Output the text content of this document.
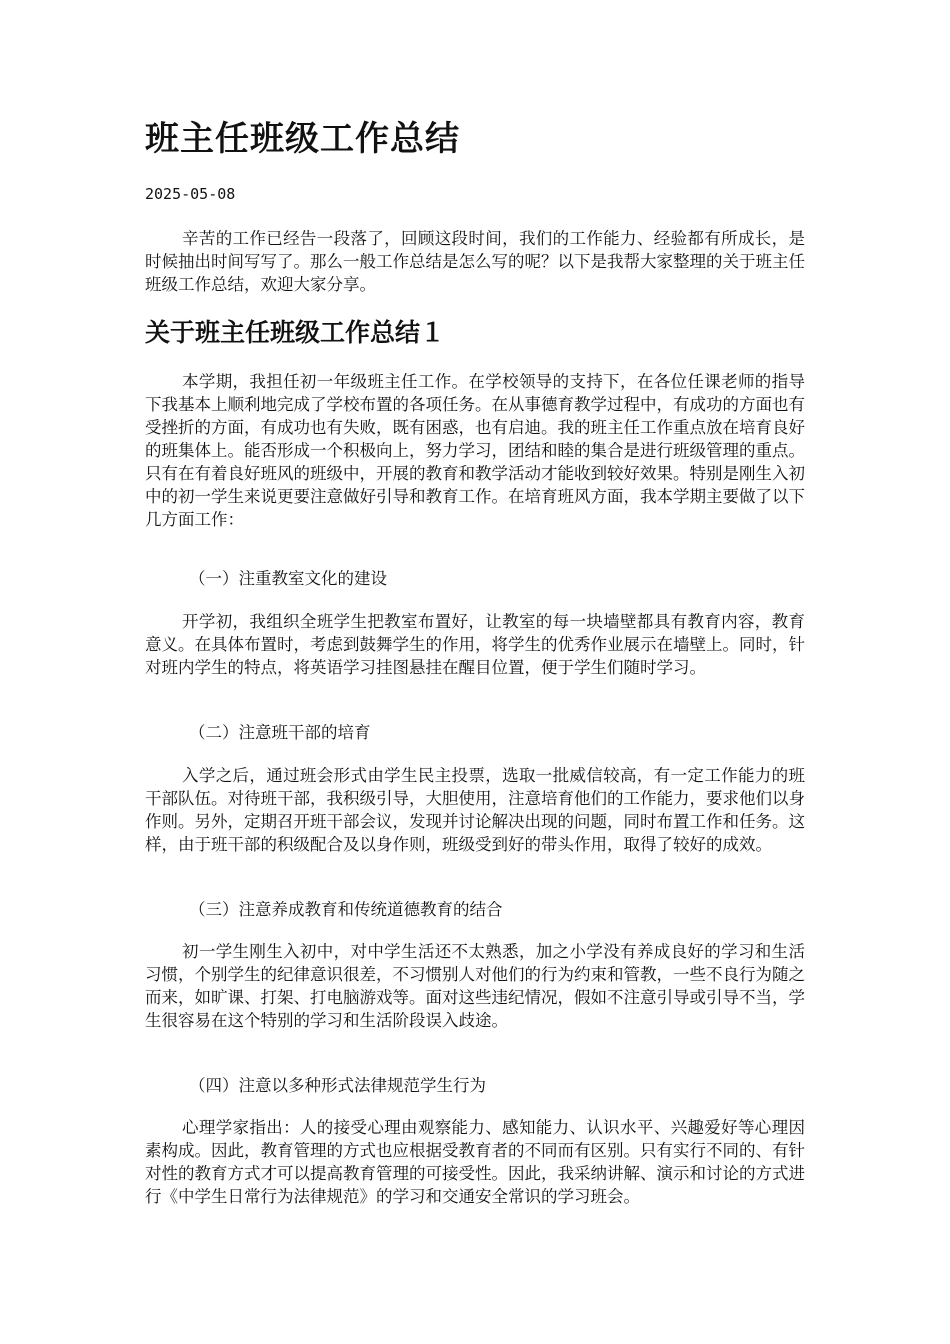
班主任班级工作总结
2025-05-08

辛苦的工作已经告一段落了，回顾这段时间，我们的工作能力、经验都有所成长，是时候抽出时间写写了。那么一般工作总结是怎么写的呢？以下是我帮大家整理的关于班主任班级工作总结，欢迎大家分享。

关于班主任班级工作总结１

本学期，我担任初一年级班主任工作。在学校领导的支持下，在各位任课老师的指导下我基本上顺利地完成了学校布置的各项任务。在从事德育教学过程中，有成功的方面也有受挫折的方面，有成功也有失败，既有困惑，也有启迪。我的班主任工作重点放在培育良好的班集体上。能否形成一个积极向上，努力学习，团结和睦的集合是进行班级管理的重点。只有在有着良好班风的班级中，开展的教育和教学活动才能收到较好效果。特别是刚生入初中的初一学生来说更要注意做好引导和教育工作。在培育班风方面，我本学期主要做了以下几方面工作：

（一）注重教室文化的建设

开学初，我组织全班学生把教室布置好，让教室的每一块墙壁都具有教育内容，教育意义。在具体布置时，考虑到鼓舞学生的作用，将学生的优秀作业展示在墙壁上。同时，针对班内学生的特点，将英语学习挂图悬挂在醒目位置，便于学生们随时学习。

（二）注意班干部的培育

入学之后，通过班会形式由学生民主投票，选取一批威信较高，有一定工作能力的班干部队伍。对待班干部，我积级引导，大胆使用，注意培育他们的工作能力，要求他们以身作则。另外，定期召开班干部会议，发现并讨论解决出现的问题，同时布置工作和任务。这样，由于班干部的积级配合及以身作则，班级受到好的带头作用，取得了较好的成效。

（三）注意养成教育和传统道德教育的结合

初一学生刚生入初中，对中学生活还不太熟悉，加之小学没有养成良好的学习和生活习惯，个别学生的纪律意识很差，不习惯别人对他们的行为约束和管教，一些不良行为随之而来，如旷课、打架、打电脑游戏等。面对这些违纪情况，假如不注意引导或引导不当，学生很容易在这个特别的学习和生活阶段误入歧途。

（四）注意以多种形式法律规范学生行为

心理学家指出：人的接受心理由观察能力、感知能力、认识水平、兴趣爱好等心理因素构成。因此，教育管理的方式也应根据受教育者的不同而有区别。只有实行不同的、有针对性的教育方式才可以提高教育管理的可接受性。因此，我采纳讲解、演示和讨论的方式进行《中学生日常行为法律规范》的学习和交通安全常识的学习班会。
